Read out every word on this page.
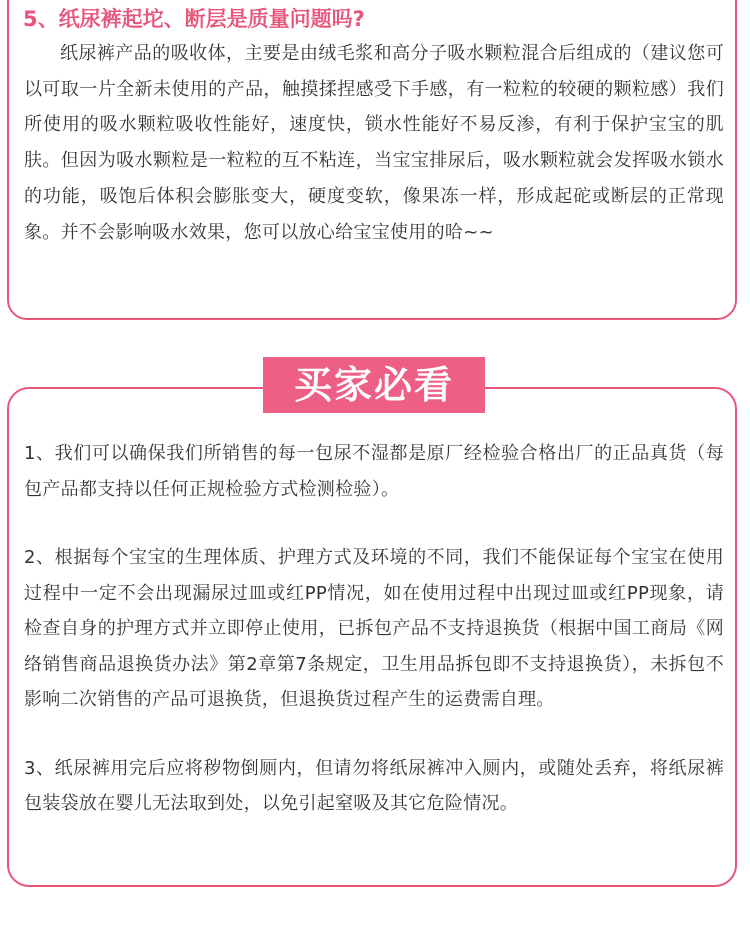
5、纸尿裤起坨、断层是质量问题吗?

纸尿裤产品的吸收体，主要是由绒毛浆和高分子吸水颗粒混合后组成的（建议您可以可取一片全新未使用的产品，触摸揉捏感受下手感，有一粒粒的较硬的颗粒感）我们所使用的吸水颗粒吸收性能好，速度快，锁水性能好不易反渗，有利于保护宝宝的肌肤。但因为吸水颗粒是一粒粒的互不粘连，当宝宝排尿后，吸水颗粒就会发挥吸水锁水的功能，吸饱后体积会膨胀变大，硬度变软，像果冻一样，形成起砣或断层的正常现象。并不会影响吸水效果，您可以放心给宝宝使用的哈~~

买家必看
1、我们可以确保我们所销售的每一包尿不湿都是原厂经检验合格出厂的正品真货（每包产品都支持以任何正规检验方式检测检验）。
2、根据每个宝宝的生理体质、护理方式及环境的不同，我们不能保证每个宝宝在使用过程中一定不会出现漏尿过皿或红PP情况，如在使用过程中出现过皿或红PP现象，请检查自身的护理方式并立即停止使用，已拆包产品不支持退换货（根据中国工商局《网络销售商品退换货办法》第2章第7条规定，卫生用品拆包即不支持退换货），未拆包不影响二次销售的产品可退换货，但退换货过程产生的运费需自理。
3、纸尿裤用完后应将秽物倒厕内，但请勿将纸尿裤冲入厕内，或随处丢弃，将纸尿裤包装袋放在婴儿无法取到处，以免引起窒吸及其它危险情况。
